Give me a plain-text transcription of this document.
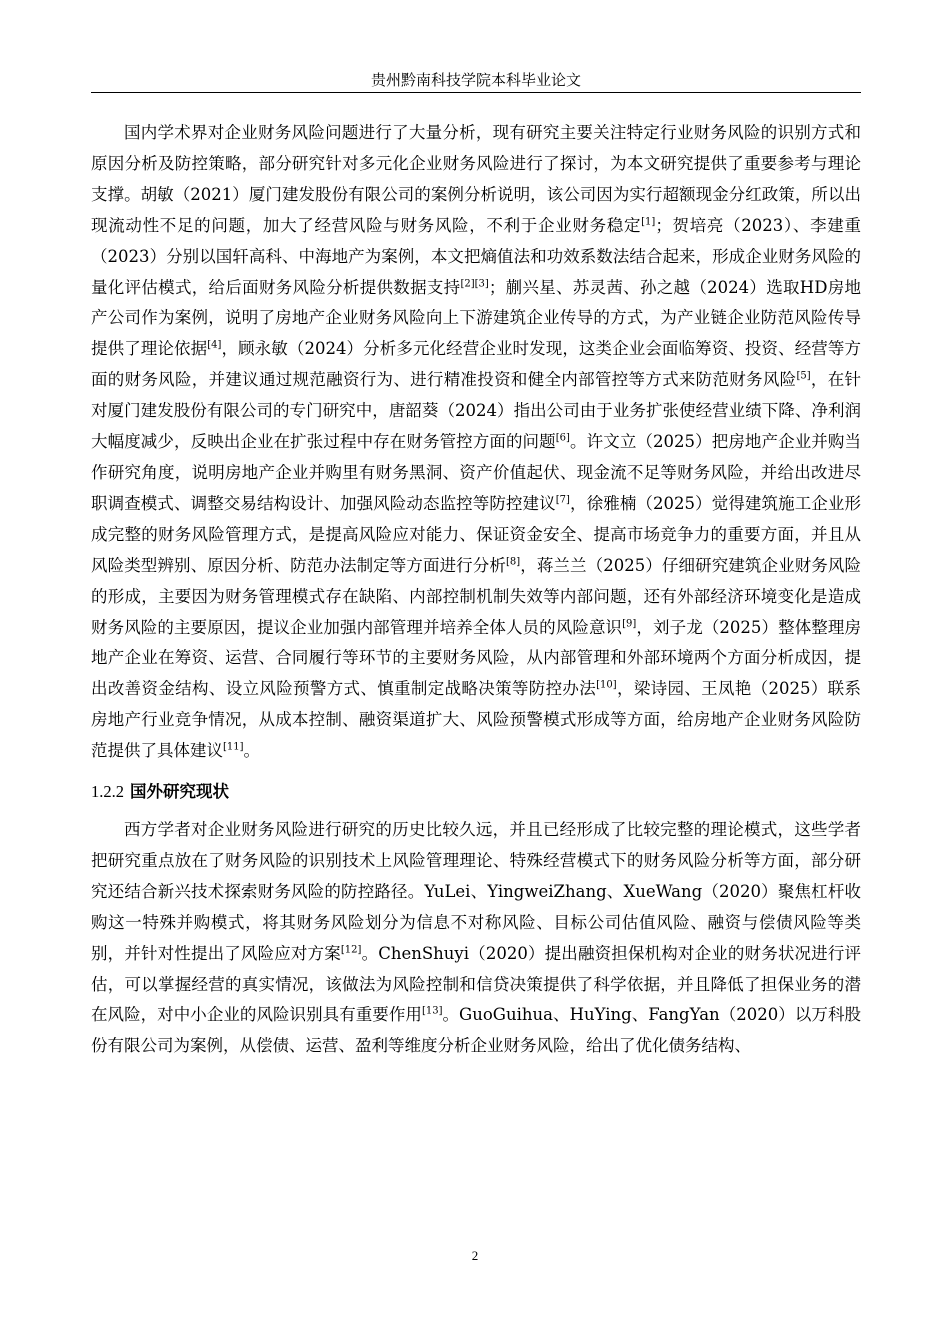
贵州黔南科技学院本科毕业论文

国内学术界对企业财务风险问题进行了大量分析，现有研究主要关注特定行业财务风险的识别方式和原因分析及防控策略，部分研究针对多元化企业财务风险进行了探讨，为本文研究提供了重要参考与理论支撑。胡敏（2021）厦门建发股份有限公司的案例分析说明，该公司因为实行超额现金分红政策，所以出现流动性不足的问题，加大了经营风险与财务风险，不利于企业财务稳定[1]；贺培亮（2023）、李建重（2023）分别以国轩高科、中海地产为案例，本文把熵值法和功效系数法结合起来，形成企业财务风险的量化评估模式，给后面财务风险分析提供数据支持[2][3]；蒯兴星、苏灵茜、孙之越（2024）选取HD房地产公司作为案例，说明了房地产企业财务风险向上下游建筑企业传导的方式，为产业链企业防范风险传导提供了理论依据[4]，顾永敏（2024）分析多元化经营企业时发现，这类企业会面临筹资、投资、经营等方面的财务风险，并建议通过规范融资行为、进行精准投资和健全内部管控等方式来防范财务风险[5]，在针对厦门建发股份有限公司的专门研究中，唐韶葵（2024）指出公司由于业务扩张使经营业绩下降、净利润大幅度减少，反映出企业在扩张过程中存在财务管控方面的问题[6]。许文立（2025）把房地产企业并购当作研究角度，说明房地产企业并购里有财务黑洞、资产价值起伏、现金流不足等财务风险，并给出改进尽职调查模式、调整交易结构设计、加强风险动态监控等防控建议[7]，徐雅楠（2025）觉得建筑施工企业形成完整的财务风险管理方式，是提高风险应对能力、保证资金安全、提高市场竞争力的重要方面，并且从风险类型辨别、原因分析、防范办法制定等方面进行分析[8]，蒋兰兰（2025）仔细研究建筑企业财务风险的形成，主要因为财务管理模式存在缺陷、内部控制机制失效等内部问题，还有外部经济环境变化是造成财务风险的主要原因，提议企业加强内部管理并培养全体人员的风险意识[9]，刘子龙（2025）整体整理房地产企业在筹资、运营、合同履行等环节的主要财务风险，从内部管理和外部环境两个方面分析成因，提出改善资金结构、设立风险预警方式、慎重制定战略决策等防控办法[10]，梁诗园、王凤艳（2025）联系房地产行业竞争情况，从成本控制、融资渠道扩大、风险预警模式形成等方面，给房地产企业财务风险防范提供了具体建议[11]。

1.2.2 国外研究现状

西方学者对企业财务风险进行研究的历史比较久远，并且已经形成了比较完整的理论模式，这些学者把研究重点放在了财务风险的识别技术上风险管理理论、特殊经营模式下的财务风险分析等方面，部分研究还结合新兴技术探索财务风险的防控路径。YuLei、YingweiZhang、XueWang（2020）聚焦杠杆收购这一特殊并购模式，将其财务风险划分为信息不对称风险、目标公司估值风险、融资与偿债风险等类别，并针对性提出了风险应对方案[12]。ChenShuyi（2020）提出融资担保机构对企业的财务状况进行评估，可以掌握经营的真实情况，该做法为风险控制和信贷决策提供了科学依据，并且降低了担保业务的潜在风险，对中小企业的风险识别具有重要作用[13]。GuoGuihua、HuYing、FangYan（2020）以万科股份有限公司为案例，从偿债、运营、盈利等维度分析企业财务风险，给出了优化债务结构、

2
